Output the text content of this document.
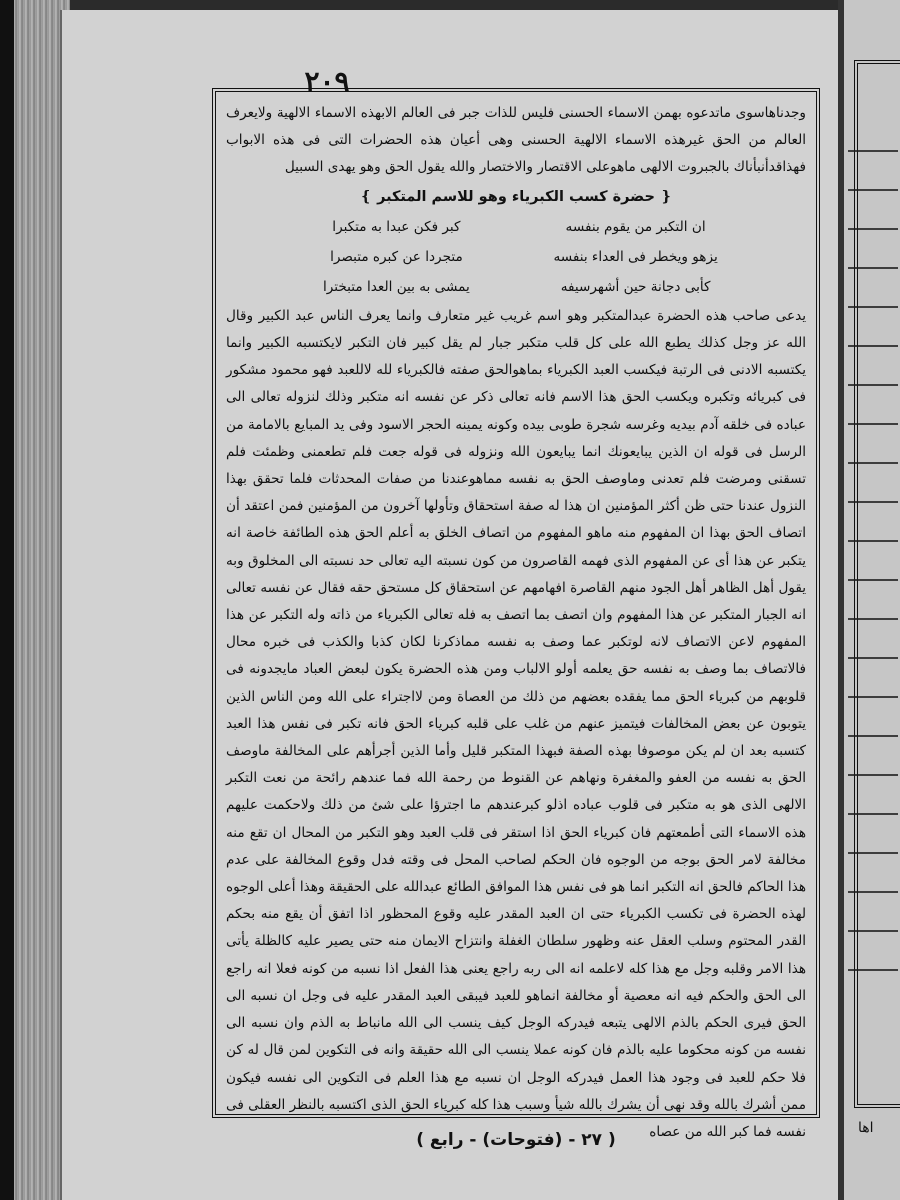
٢٠٩

وجدناهاسوى ماتدعوه بهمن الاسماء الحسنى فليس للذات جبر فى العالم الابهذه الاسماء الالهية ولايعرف العالم من الحق غيرهذه الاسماء الالهية الحسنى وهى أعيان هذه الحضرات التى فى هذه الابواب فهذاقدأنبأناك بالجبروت الالهى ماهوعلى الاقتصار والاختصار والله يقول الحق وهو يهدى السبيل

❴ حضرة كسب الكبرياء وهو للاسم المتكبر ❵
ان التكبر من يقوم بنفسه
كبر فكن عبدا به متكبرا
يزهو ويخطر فى العداء بنفسه
متجردا عن كبره متبصرا
كأبى دجانة حين أشهرسيفه
يمشى به بين العدا متبخترا

يدعى صاحب هذه الحضرة عبدالمتكبر وهو اسم غريب غير متعارف وانما يعرف الناس عبد الكبير وقال الله عز وجل كذلك يطبع الله على كل قلب متكبر جبار لم يقل كبير فان التكبر لايكتسبه الكبير وانما يكتسبه الادنى فى الرتبة فيكسب العبد الكبرياء بماهوالحق صفته فالكبرياء لله لاللعبد فهو محمود مشكور فى كبريائه وتكبره ويكسب الحق هذا الاسم فانه تعالى ذكر عن نفسه انه متكبر وذلك لنزوله تعالى الى عباده فى خلقه آدم بيديه وغرسه شجرة طوبى بيده وكونه يمينه الحجر الاسود وفى يد المبايع بالامامة من الرسل فى قوله ان الذين يبايعونك انما يبايعون الله ونزوله فى قوله جعت فلم تطعمنى وظمئت فلم تسقنى ومرضت فلم تعدنى وماوصف الحق به نفسه مماهوعندنا من صفات المحدثات فلما تحقق بهذا النزول عندنا حتى ظن أكثر المؤمنين ان هذا له صفة استحقاق وتأولها آخرون من المؤمنين فمن اعتقد أن اتصاف الحق بهذا ان المفهوم منه ماهو المفهوم من اتصاف الخلق به أعلم الحق هذه الطائفة خاصة انه يتكبر عن هذا أى عن المفهوم الذى فهمه القاصرون من كون نسبته اليه تعالى حد نسبته الى المخلوق وبه يقول أهل الظاهر أهل الجود منهم القاصرة افهامهم عن استحقاق كل مستحق حقه فقال عن نفسه تعالى انه الجبار المتكبر عن هذا المفهوم وان اتصف بما اتصف به فله تعالى الكبرياء من ذاته وله التكبر عن هذا المفهوم لاعن الاتصاف لانه لوتكبر عما وصف به نفسه مماذكرنا لكان كذبا والكذب فى خبره محال فالاتصاف بما وصف به نفسه حق يعلمه أولو الالباب ومن هذه الحضرة يكون لبعض العباد مايجدونه فى قلوبهم من كبرياء الحق مما يفقده بعضهم من ذلك من العصاة ومن لااجتراء على الله ومن الناس الذين يتوبون عن بعض المخالفات فيتميز عنهم من غلب على قلبه كبرياء الحق فانه تكبر فى نفس هذا العبد كتسبه بعد ان لم يكن موصوفا بهذه الصفة فبهذا المتكبر قليل وأما الذين أجرأهم على المخالفة ماوصف الحق به نفسه من العفو والمغفرة ونهاهم عن القنوط من رحمة الله فما عندهم رائحة من نعت التكبر الالهى الذى هو به متكبر فى قلوب عباده اذلو كبرعندهم ما اجترؤا على شئ من ذلك ولاحكمت عليهم هذه الاسماء التى أطمعتهم فان كبرياء الحق اذا استقر فى قلب العبد وهو التكبر من المحال ان تقع منه مخالفة لامر الحق بوجه من الوجوه فان الحكم لصاحب المحل فى وقته فدل وقوع المخالفة على عدم هذا الحاكم فالحق انه التكبر انما هو فى نفس هذا الموافق الطائع عبدالله على الحقيقة وهذا أعلى الوجوه لهذه الحضرة فى تكسب الكبرياء حتى ان العبد المقدر عليه وقوع المحظور اذا اتفق أن يقع منه بحكم القدر المحتوم وسلب العقل عنه وظهور سلطان الغفلة وانتزاح الايمان منه حتى يصير عليه كالظلة يأتى هذا الامر وقلبه وجل مع هذا كله لاعلمه انه الى ربه راجع يعنى هذا الفعل اذا نسبه من كونه فعلا انه راجع الى الحق والحكم فيه انه معصية أو مخالفة انماهو للعبد فيبقى العبد المقدر عليه فى وجل ان نسبه الى الحق فيرى الحكم بالذم الالهى يتبعه فيدركه الوجل كيف ينسب الى الله مانباط به الذم وان نسبه الى نفسه من كونه محكوما عليه بالذم فان كونه عملا ينسب الى الله حقيقة وانه فى التكوين لمن قال له كن فلا حكم للعبد فى وجود هذا العمل فيدركه الوجل ان نسبه مع هذا العلم فى التكوين الى نفسه فيكون ممن أشرك بالله وقد نهى أن يشرك بالله شيأ وسبب هذا كله كبرياء الحق الذى اكتسبه بالنظر العقلى فى نفسه فما كبر الله من عصاه

( ٢٧ - (فتوحات) - رابع )
اها
